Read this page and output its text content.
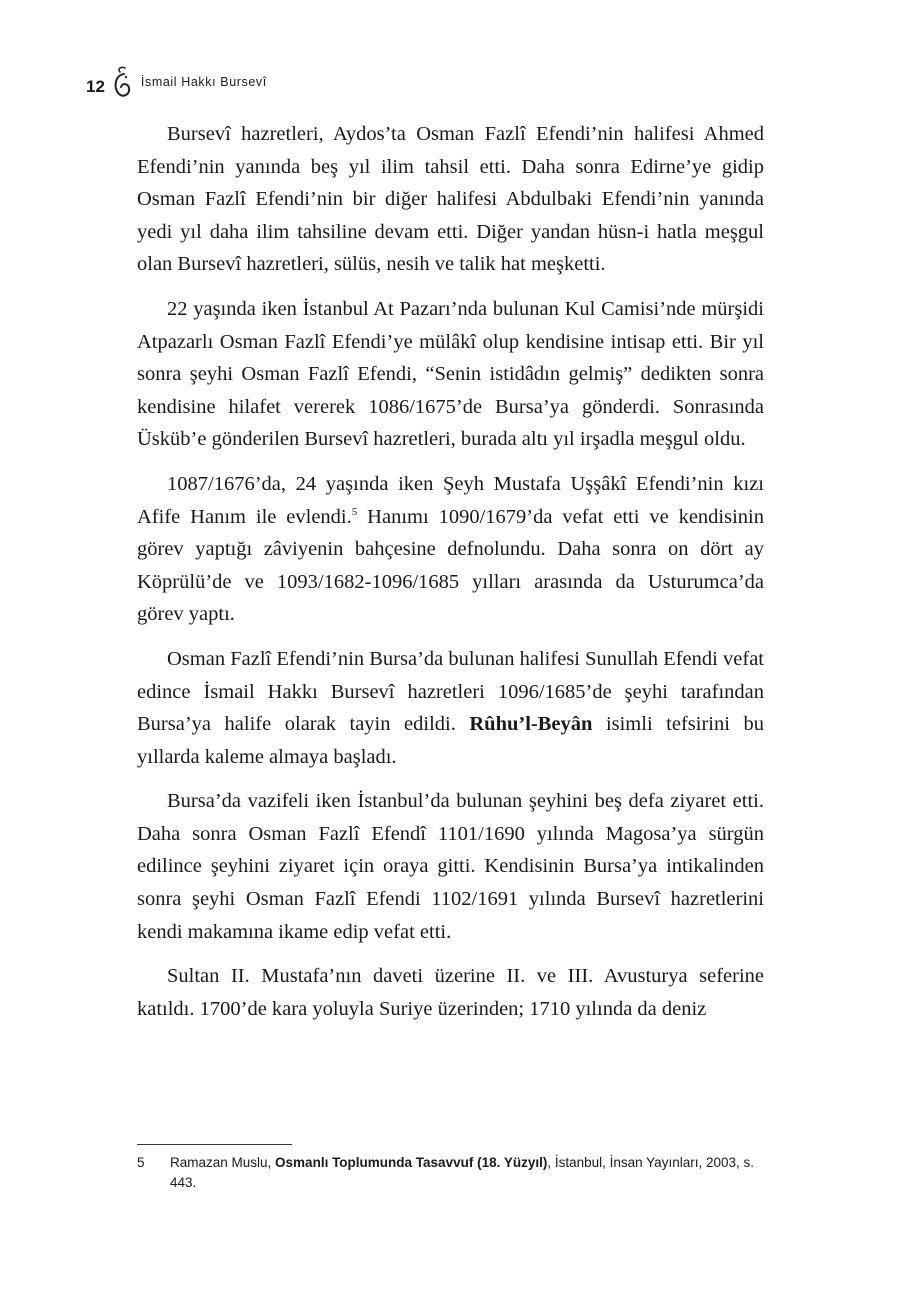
12	İsmail Hakkı Bursevî

Bursevî hazretleri, Aydos’ta Osman Fazlî Efendi’nin halifesi Ahmed Efendi’nin yanında beş yıl ilim tahsil etti. Daha sonra Edirne’ye gidip Osman Fazlî Efendi’nin bir diğer halifesi Abdulbaki Efendi’nin yanında yedi yıl daha ilim tahsiline devam etti. Diğer yandan hüsn-i hatla meşgul olan Bursevî hazretleri, sülüs, nesih ve talik hat meşketti.

22 yaşında iken İstanbul At Pazarı’nda bulunan Kul Camisi’nde mürşidi Atpazarlı Osman Fazlî Efendi’ye mülâkî olup kendisine intisap etti. Bir yıl sonra şeyhi Osman Fazlî Efendi, “Senin istidâdın gelmiş” dedikten sonra kendisine hilafet vererek 1086/1675’de Bursa’ya gönderdi. Sonrasında Üsküb’e gönderilen Bursevî hazretleri, burada altı yıl irşadla meşgul oldu.

1087/1676’da, 24 yaşında iken Şeyh Mustafa Uşşâkî Efendi’nin kızı Afife Hanım ile evlendi.$^5$ Hanımı 1090/1679’da vefat etti ve kendisinin görev yaptığı zâviyenin bahçesine defnolundu. Daha sonra on dört ay Köprülü’de ve 1093/1682-1096/1685 yılları arasında da Usturumca’da görev yaptı.

Osman Fazlî Efendi’nin Bursa’da bulunan halifesi Sunullah Efendi vefat edince İsmail Hakkı Bursevî hazretleri 1096/1685’de şeyhi tarafından Bursa’ya halife olarak tayin edildi. Rûhu’l-Beyân isimli tefsirini bu yıllarda kaleme almaya başladı.

Bursa’da vazifeli iken İstanbul’da bulunan şeyhini beş defa ziyaret etti. Daha sonra Osman Fazlî Efendî 1101/1690 yılında Magosa’ya sürgün edilince şeyhini ziyaret için oraya gitti. Kendisinin Bursa’ya intikalinden sonra şeyhi Osman Fazlî Efendi 1102/1691 yılında Bursevî hazretlerini kendi makamına ikame edip vefat etti.

Sultan II. Mustafa’nın daveti üzerine II. ve III. Avusturya seferine katıldı. 1700’de kara yoluyla Suriye üzerinden; 1710 yılında da deniz

5	Ramazan Muslu, Osmanlı Toplumunda Tasavvuf (18. Yüzyıl), İstanbul, İnsan Yayınları, 2003, s. 443.
